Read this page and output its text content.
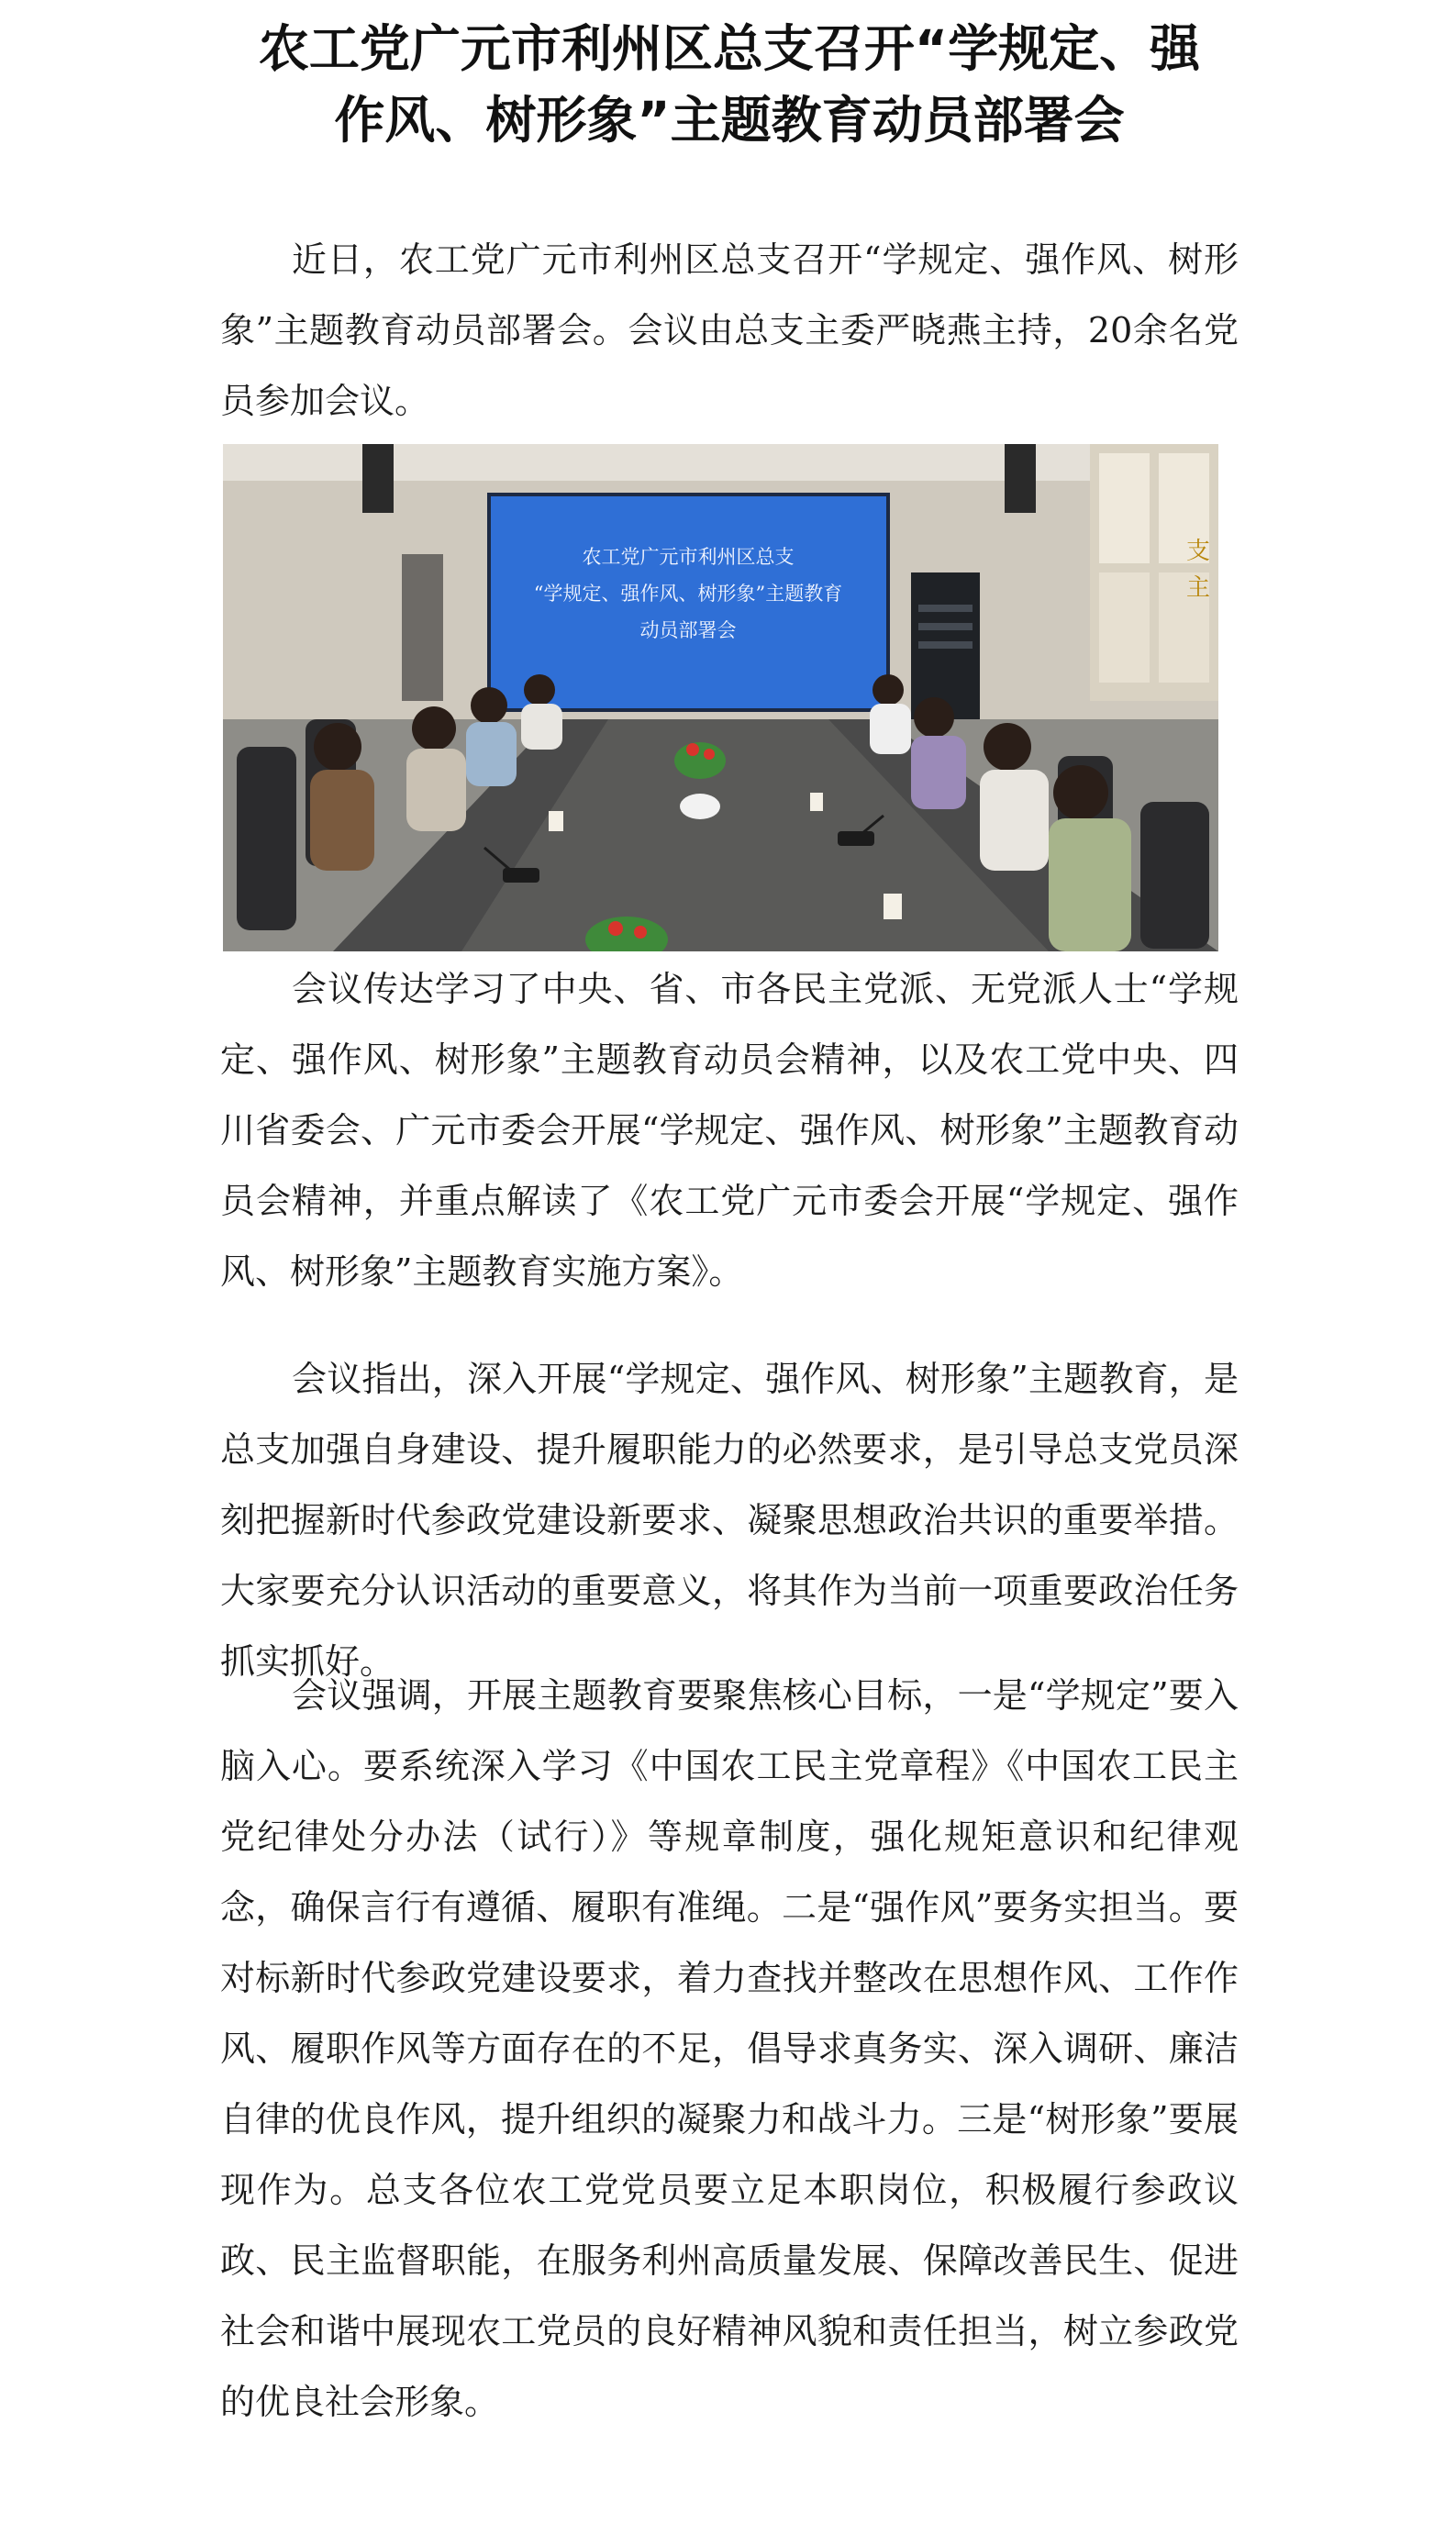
农工党广元市利州区总支召开“学规定、强
作风、树形象”主题教育动员部署会

近日，农工党广元市利州区总支召开“学规定、强作风、树形象”主题教育动员部署会。会议由总支主委严晓燕主持，20余名党员参加会议。

支
主
农工党广元市利州区总支
“学规定、强作风、树形象”主题教育
动员部署会

会议传达学习了中央、省、市各民主党派、无党派人士“学规定、强作风、树形象”主题教育动员会精神，以及农工党中央、四川省委会、广元市委会开展“学规定、强作风、树形象”主题教育动员会精神，并重点解读了《农工党广元市委会开展“学规定、强作风、树形象”主题教育实施方案》。

会议指出，深入开展“学规定、强作风、树形象”主题教育，是总支加强自身建设、提升履职能力的必然要求，是引导总支党员深刻把握新时代参政党建设新要求、凝聚思想政治共识的重要举措。大家要充分认识活动的重要意义，将其作为当前一项重要政治任务抓实抓好。

会议强调，开展主题教育要聚焦核心目标，一是“学规定”要入脑入心。要系统深入学习《中国农工民主党章程》《中国农工民主党纪律处分办法（试行）》等规章制度，强化规矩意识和纪律观念，确保言行有遵循、履职有准绳。二是“强作风”要务实担当。要对标新时代参政党建设要求，着力查找并整改在思想作风、工作作风、履职作风等方面存在的不足，倡导求真务实、深入调研、廉洁自律的优良作风，提升组织的凝聚力和战斗力。三是“树形象”要展现作为。总支各位农工党党员要立足本职岗位，积极履行参政议政、民主监督职能，在服务利州高质量发展、保障改善民生、促进社会和谐中展现农工党员的良好精神风貌和责任担当，树立参政党的优良社会形象。
